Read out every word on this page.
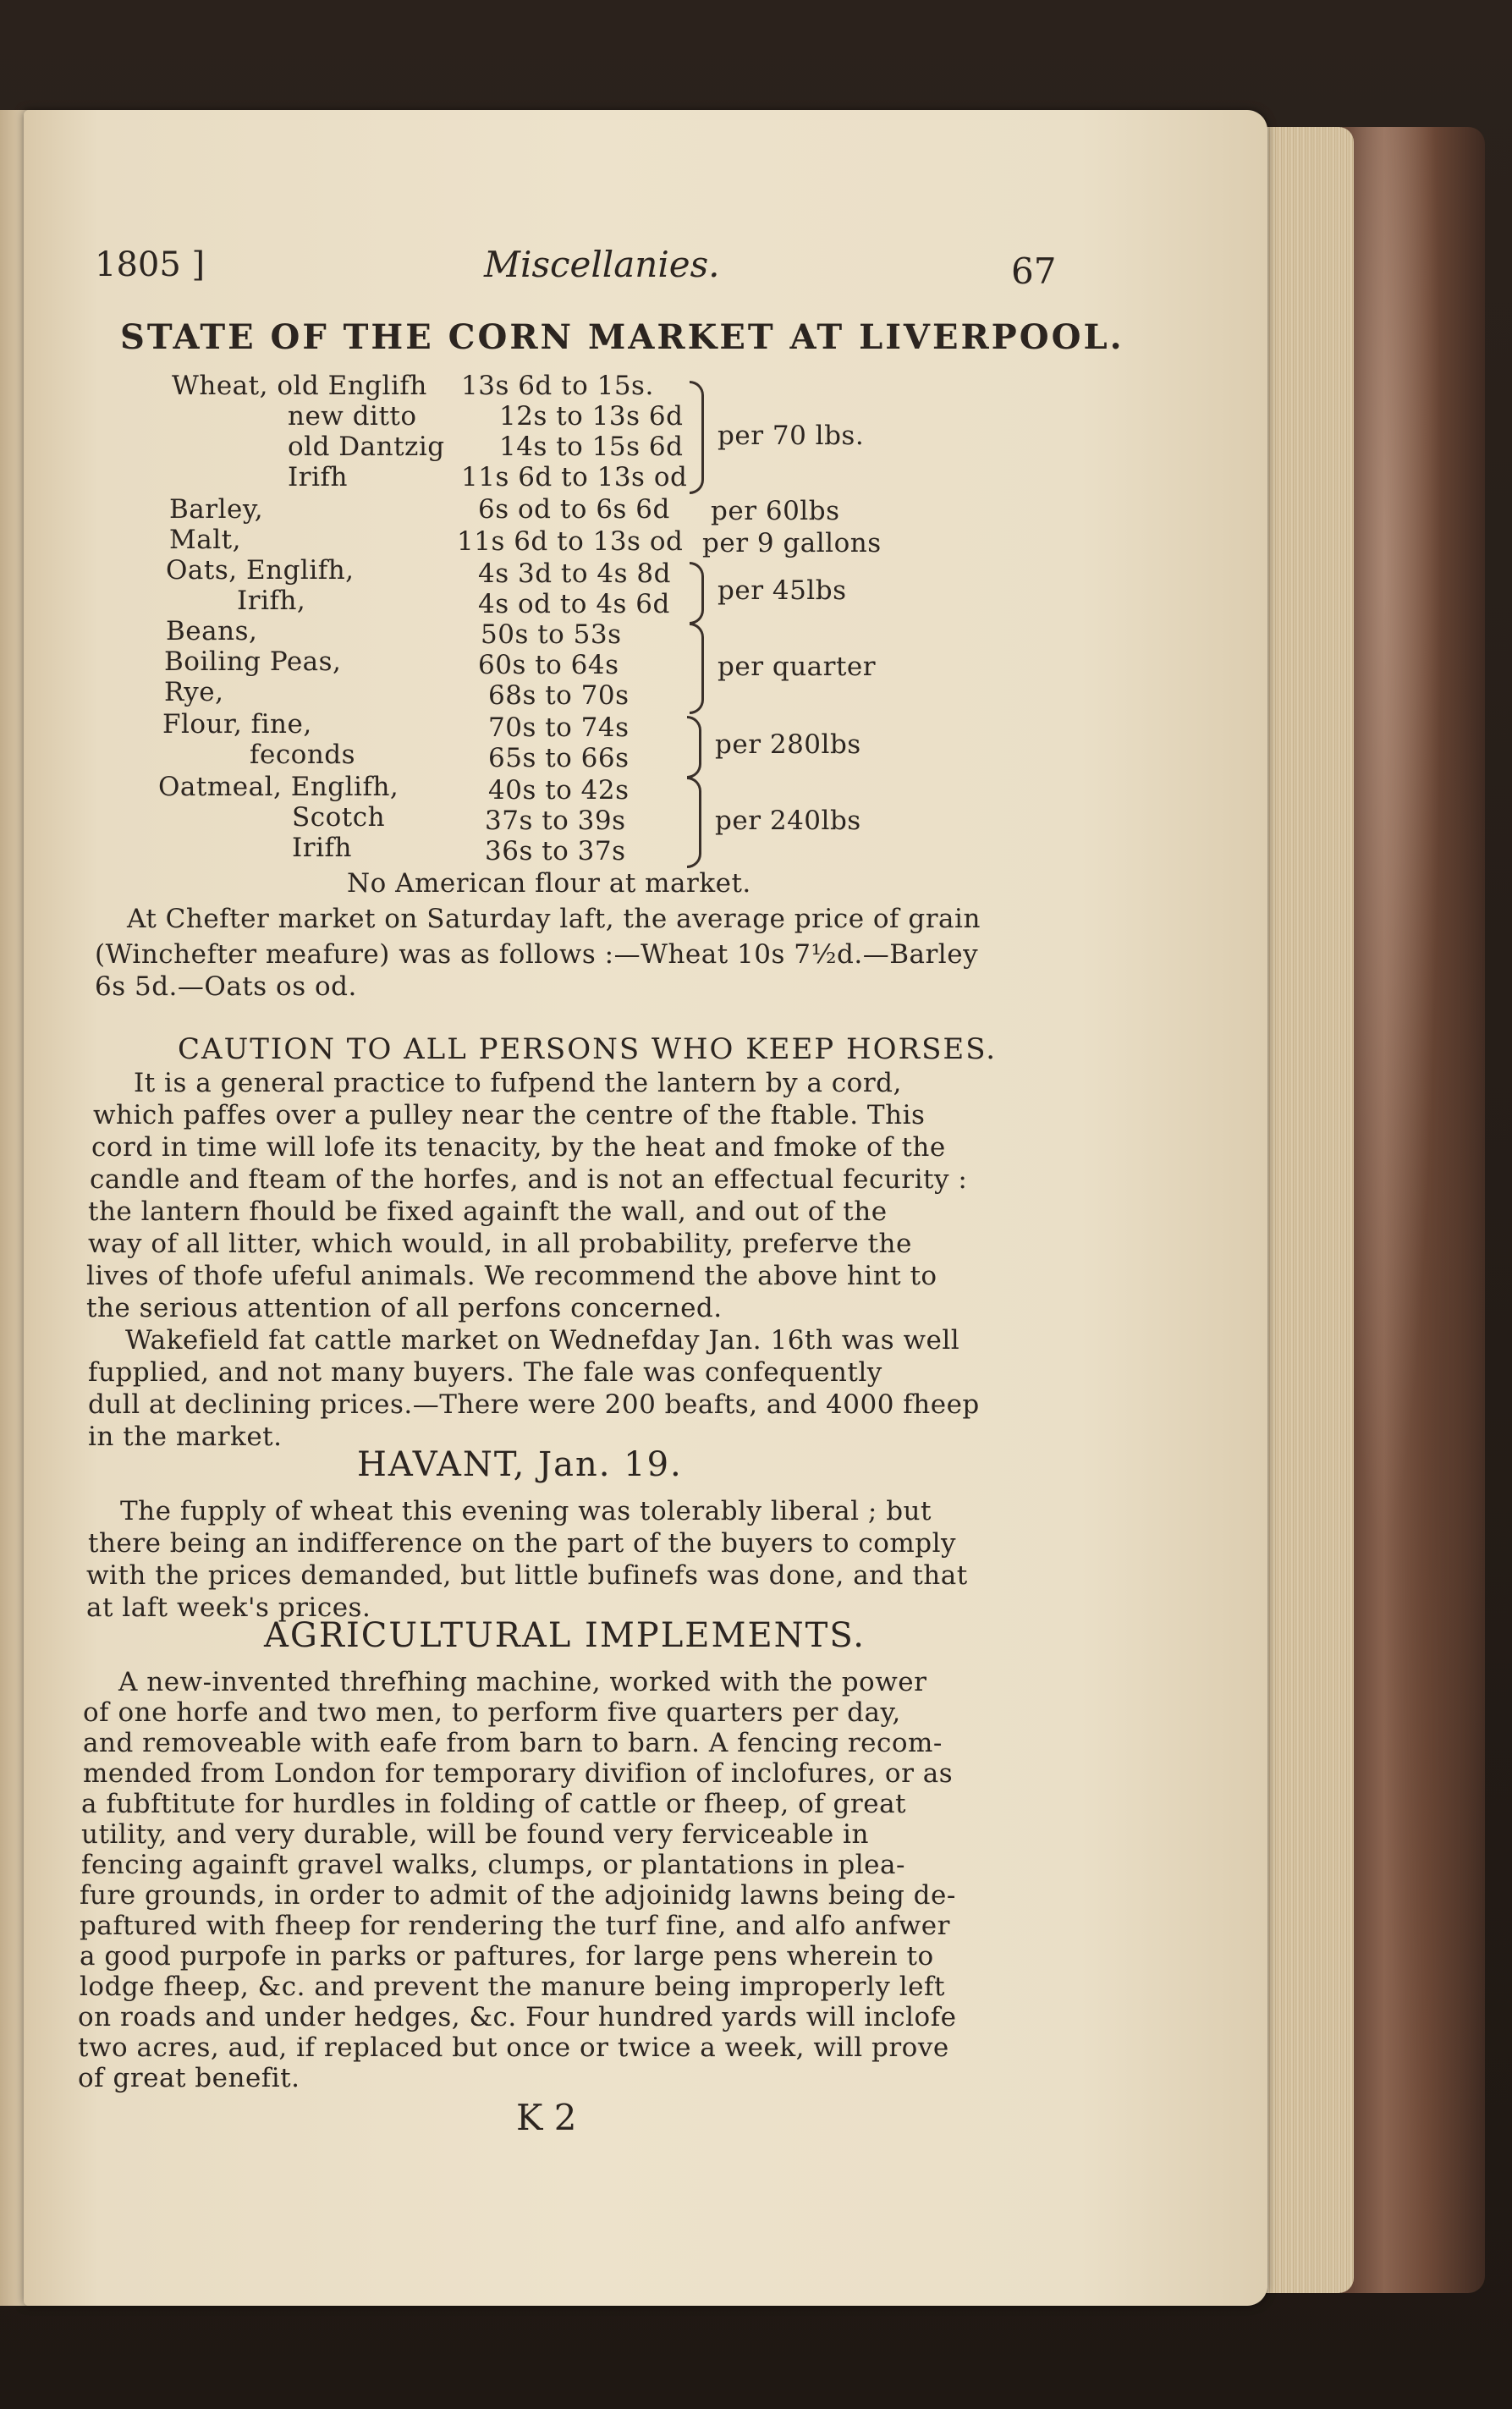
1805 ]	Miscellanies.	67
STATE OF THE CORN MARKET AT LIVERPOOL.
Wheat, old Englifh 13s 6d to 15s.
new ditto	12s to 13s 6d
old Dantzig 14s to 15s 6d
Irifh	11s 6d to 13s od
per 70 lbs.
Barley,	6s od to 6s 6d per 60lbs
Malt,	11s 6d to 13s od per 9 gallons
Oats, Englifh,	4s 3d to 4s 8d
Irifh,	4s od to 4s 6d per 45lbs
Beans,	50s to 53s
Boiling Peas,	60s to 64s
Rye,	68s to 70s
per quarter
Flour, fine,	70s to 74s
feconds	65s to 66s	per 280lbs
Oatmeal, Englifh,	40s to 42s
Scotch	37s to 39s
Irifh	36s to 37s
per 240lbs
No American flour at market.
At Chefter market on Saturday laft, the average price of grain
(Winchefter meafure) was as follows :—Wheat 10s 7½d.—Barley
6s 5d.—Oats os od.
CAUTION TO ALL PERSONS WHO KEEP HORSES.
It is a general practice to fufpend the lantern by a cord,
which paffes over a pulley near the centre of the ftable. This
cord in time will lofe its tenacity, by the heat and fmoke of the
candle and fteam of the horfes, and is not an effectual fecurity :
the lantern fhould be fixed againft the wall, and out of the
way of all litter, which would, in all probability, preferve the
lives of thofe ufeful animals. We recommend the above hint to
the serious attention of all perfons concerned.
Wakefield fat cattle market on Wednefday Jan. 16th was well
fupplied, and not many buyers. The fale was confequently
dull at declining prices.—There were 200 beafts, and 4000 fheep
in the market.
HAVANT, Jan. 19.
The fupply of wheat this evening was tolerably liberal ; but
there being an indifference on the part of the buyers to comply
with the prices demanded, but little bufinefs was done, and that
at laft week's prices.
AGRICULTURAL IMPLEMENTS.
A new-invented threfhing machine, worked with the power
of one horfe and two men, to perform five quarters per day,
and removeable with eafe from barn to barn. A fencing recom-
mended from London for temporary divifion of inclofures, or as
a fubftitute for hurdles in folding of cattle or fheep, of great
utility, and very durable, will be found very ferviceable in
fencing againft gravel walks, clumps, or plantations in plea-
fure grounds, in order to admit of the adjoinidg lawns being de-
paftured with fheep for rendering the turf fine, and alfo anfwer
a good purpofe in parks or paftures, for large pens wherein to
lodge fheep, &c. and prevent the manure being improperly left
on roads and under hedges, &c. Four hundred yards will inclofe
two acres, aud, if replaced but once or twice a week, will prove
of great benefit.
K 2
